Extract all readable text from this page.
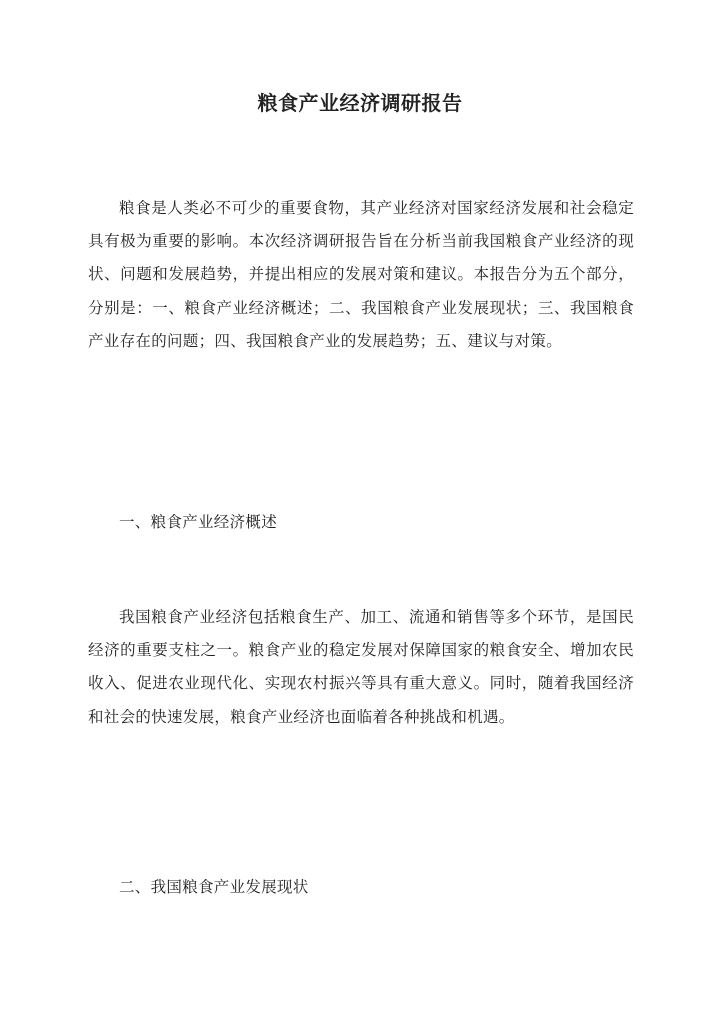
粮食产业经济调研报告

粮食是人类必不可少的重要食物，其产业经济对国家经济发展和社会稳定具有极为重要的影响。本次经济调研报告旨在分析当前我国粮食产业经济的现状、问题和发展趋势，并提出相应的发展对策和建议。本报告分为五个部分，分别是：一、粮食产业经济概述；二、我国粮食产业发展现状；三、我国粮食产业存在的问题；四、我国粮食产业的发展趋势；五、建议与对策。

一、粮食产业经济概述

我国粮食产业经济包括粮食生产、加工、流通和销售等多个环节，是国民经济的重要支柱之一。粮食产业的稳定发展对保障国家的粮食安全、增加农民收入、促进农业现代化、实现农村振兴等具有重大意义。同时，随着我国经济和社会的快速发展，粮食产业经济也面临着各种挑战和机遇。

二、我国粮食产业发展现状
